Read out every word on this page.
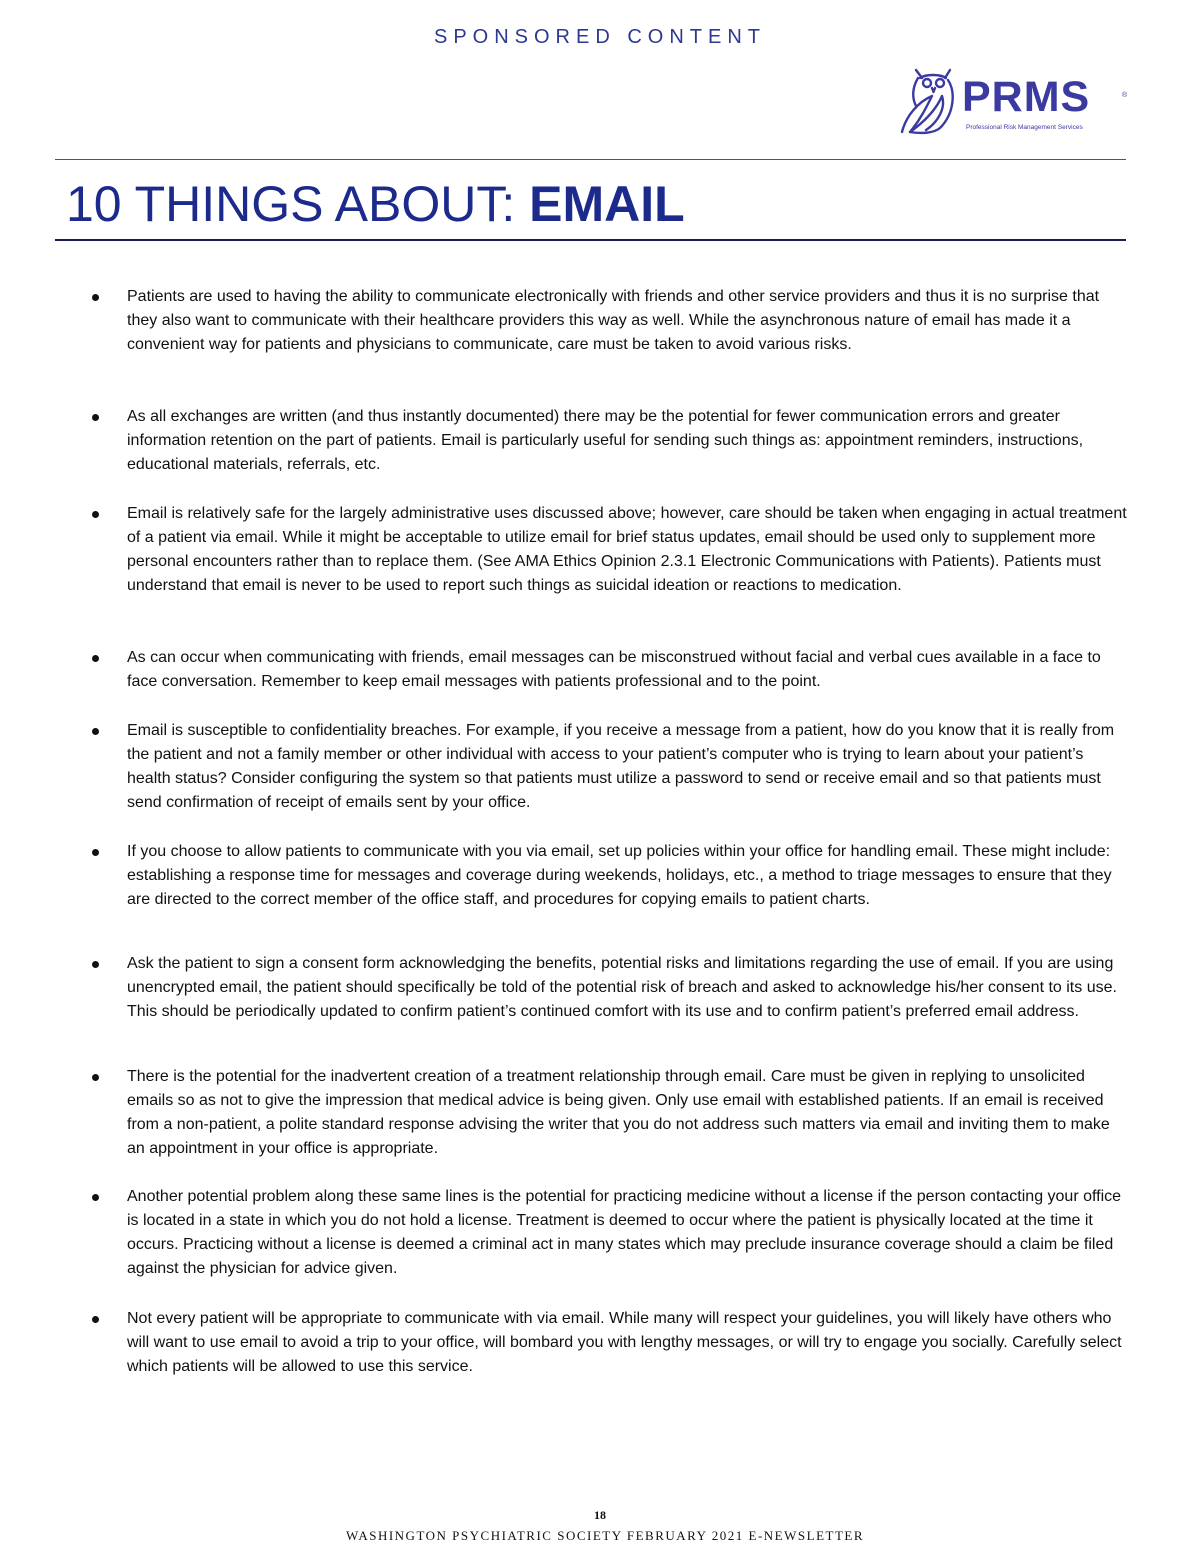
SPONSORED CONTENT
PRMS	®
Professional Risk Management Services
10 THINGS ABOUT: EMAIL

Patients are used to having the ability to communicate electronically with friends and other service providers and thus it is no surprise that they also want to communicate with their healthcare providers this way as well. While the asynchronous nature of email has made it a convenient way for patients and physicians to communicate, care must be taken to avoid various risks.

As all exchanges are written (and thus instantly documented) there may be the potential for fewer communication errors and greater information retention on the part of patients. Email is particularly useful for sending such things as: appointment reminders, instructions, educational materials, referrals, etc.

Email is relatively safe for the largely administrative uses discussed above; however, care should be taken when engaging in actual treatment of a patient via email. While it might be acceptable to utilize email for brief status updates, email should be used only to supplement more personal encounters rather than to replace them. (See AMA Ethics Opinion 2.3.1 Electronic Communications with Patients). Patients must understand that email is never to be used to report such things as suicidal ideation or reactions to medication.

As can occur when communicating with friends, email messages can be misconstrued without facial and verbal cues available in a face to face conversation. Remember to keep email messages with patients professional and to the point.

Email is susceptible to confidentiality breaches. For example, if you receive a message from a patient, how do you know that it is really from the patient and not a family member or other individual with access to your patient’s computer who is trying to learn about your patient’s health status? Consider configuring the system so that patients must utilize a password to send or receive email and so that patients must send confirmation of receipt of emails sent by your office.

If you choose to allow patients to communicate with you via email, set up policies within your office for handling email. These might include: establishing a response time for messages and coverage during weekends, holidays, etc., a method to triage messages to ensure that they are directed to the correct member of the office staff, and procedures for copying emails to patient charts.

Ask the patient to sign a consent form acknowledging the benefits, potential risks and limitations regarding the use of email. If you are using unencrypted email, the patient should specifically be told of the potential risk of breach and asked to acknowledge his/her consent to its use. This should be periodically updated to confirm patient’s continued comfort with its use and to confirm patient’s preferred email address.

There is the potential for the inadvertent creation of a treatment relationship through email. Care must be given in replying to unsolicited emails so as not to give the impression that medical advice is being given. Only use email with established patients. If an email is received from a non-patient, a polite standard response advising the writer that you do not address such matters via email and inviting them to make an appointment in your office is appropriate.

Another potential problem along these same lines is the potential for practicing medicine without a license if the person contacting your office is located in a state in which you do not hold a license. Treatment is deemed to occur where the patient is physically located at the time it occurs. Practicing without a license is deemed a criminal act in many states which may preclude insurance coverage should a claim be filed against the physician for advice given.

Not every patient will be appropriate to communicate with via email. While many will respect your guidelines, you will likely have others who will want to use email to avoid a trip to your office, will bombard you with lengthy messages, or will try to engage you socially. Carefully select which patients will be allowed to use this service.

18
WASHINGTON PSYCHIATRIC SOCIETY FEBRUARY 2021 E-NEWSLETTER
